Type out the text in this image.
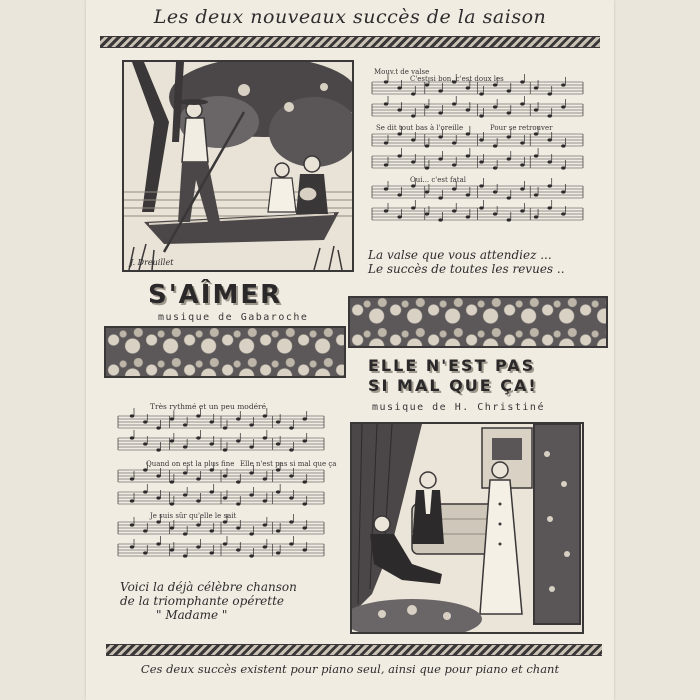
Les deux nouveaux succès de la saison
J. Dreuillet
Mouv.t de valse
C'est si bon, c'est doux les
Se dit tout bas à l'oreille	Pour se retrouver
Oui... c'est fatal
La valse que vous attendiez ...
Le succès de toutes les revues ..
S'AÎMER
musique de Gabaroche
ELLE N'EST PAS
SI MAL QUE ÇA!
musique de H. Christiné
Très rythmé et un peu modéré
Quand on est la plus fine Elle n'est pas si mal que ça
Je suis sûr qu'elle le sait
Voici la déjà célèbre chanson
de la triomphante opérette
" Madame "
Ces deux succès existent pour piano seul, ainsi que pour piano et chant
